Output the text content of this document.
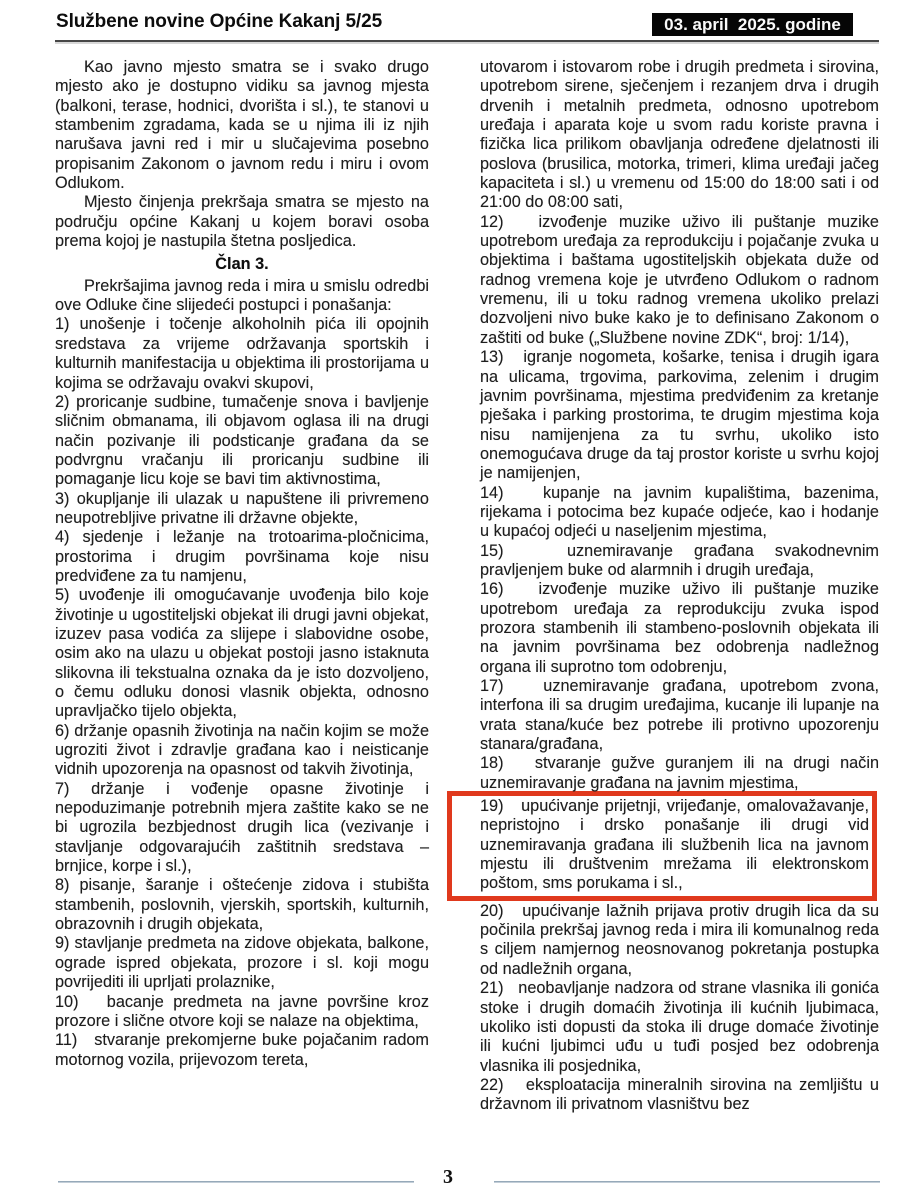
Službene novine Općine Kakanj 5/25	03. april  2025. godine

Kao javno mjesto smatra se i svako drugo mjesto ako je dostupno vidiku sa javnog mjesta (balkoni, terase, hodnici, dvorišta i sl.), te stanovi u stambenim zgradama, kada se u njima ili iz njih narušava javni red i mir u slučajevima posebno propisanim Zakonom o javnom redu i miru i ovom Odlukom.

Mjesto činjenja prekršaja smatra se mjesto na području općine Kakanj u kojem boravi osoba prema kojoj je nastupila štetna posljedica.

Član 3.

Prekršajima javnog reda i mira u smislu odredbi ove Odluke čine slijedeći postupci i ponašanja:

1) unošenje i točenje alkoholnih pića ili opojnih sredstava za vrijeme održavanja sportskih i kulturnih manifestacija u objektima ili prostorijama u kojima se održavaju ovakvi skupovi,

2) proricanje sudbine, tumačenje snova i bavljenje sličnim obmanama, ili objavom oglasa ili na drugi način pozivanje ili podsticanje građana da se podvrgnu vračanju ili proricanju sudbine ili pomaganje licu koje se bavi tim aktivnostima,

3) okupljanje ili ulazak u napuštene ili privremeno neupotrebljive privatne ili državne objekte,

4) sjedenje i ležanje na trotoarima-pločnicima, prostorima i drugim površinama koje nisu predviđene za tu namjenu,

5) uvođenje ili omogućavanje uvođenja bilo koje životinje u ugostiteljski objekat ili drugi javni objekat, izuzev pasa vodića za slijepe i slabovidne osobe, osim ako na ulazu u objekat postoji jasno istaknuta slikovna ili tekstualna oznaka da je isto dozvoljeno, o čemu odluku donosi vlasnik objekta, odnosno upravljačko tijelo objekta,

6) držanje opasnih životinja na način kojim se može ugroziti život i zdravlje građana kao i neisticanje vidnih upozorenja na opasnost od takvih životinja,

7) držanje i vođenje opasne životinje i nepoduzimanje potrebnih mjera zaštite kako se ne bi ugrozila bezbjednost drugih lica (vezivanje i stavljanje odgovarajućih zaštitnih sredstava – brnjice, korpe i sl.),

8) pisanje, šaranje i oštećenje zidova i stubišta stambenih, poslovnih, vjerskih, sportskih, kulturnih, obrazovnih i drugih objekata,

9) stavljanje predmeta na zidove objekata, balkone, ograde ispred objekata, prozore i sl. koji mogu povrijediti ili uprljati prolaznike,

10)   bacanje predmeta na javne površine kroz prozore i slične otvore koji se nalaze na objektima,

11)   stvaranje prekomjerne buke pojačanim radom motornog vozila, prijevozom tereta,

utovarom i istovarom robe i drugih predmeta i sirovina, upotrebom sirene, sječenjem i rezanjem drva i drugih drvenih i metalnih predmeta, odnosno upotrebom uređaja i aparata koje u svom radu koriste pravna i fizička lica prilikom obavljanja određene djelatnosti ili poslova (brusilica, motorka, trimeri, klima uređaji jačeg kapaciteta i sl.) u vremenu od 15:00 do 18:00 sati i od 21:00 do 08:00 sati,

12)   izvođenje muzike uživo ili puštanje muzike upotrebom uređaja za reprodukciju i pojačanje zvuka u objektima i baštama ugostiteljskih objekata duže od radnog vremena koje je utvrđeno Odlukom o radnom vremenu, ili u toku radnog vremena ukoliko prelazi dozvoljeni nivo buke kako je to definisano Zakonom o zaštiti od buke („Službene novine ZDK“, broj: 1/14),

13)   igranje nogometa, košarke, tenisa i drugih igara na ulicama, trgovima, parkovima, zelenim i drugim javnim površinama, mjestima predviđenim za kretanje pješaka i parking prostorima, te drugim mjestima koja nisu namijenjena za tu svrhu, ukoliko isto onemogućava druge da taj prostor koriste u svrhu kojoj je namijenjen,

14)   kupanje na javnim kupalištima, bazenima, rijekama i potocima bez kupaće odjeće, kao i hodanje u kupaćoj odjeći u naseljenim mjestima,

15)   uznemiravanje građana svakodnevnim pravljenjem buke od alarmnih i drugih uređaja,

16)   izvođenje muzike uživo ili puštanje muzike upotrebom uređaja za reprodukciju zvuka ispod prozora stambenih ili stambeno-poslovnih objekata ili na javnim površinama bez odobrenja nadležnog organa ili suprotno tom odobrenju,

17)   uznemiravanje građana, upotrebom zvona, interfona ili sa drugim uređajima, kucanje ili lupanje na vrata stana/kuće bez potrebe ili protivno upozorenju stanara/građana,

18)   stvaranje gužve guranjem ili na drugi način uznemiravanje građana na javnim mjestima,

19)   upućivanje prijetnji, vrijeđanje, omalovažavanje, nepristojno i drsko ponašanje ili drugi vid uznemiravanja građana ili službenih lica na javnom mjestu ili društvenim mrežama ili elektronskom poštom, sms porukama i sl.,

20)   upućivanje lažnih prijava protiv drugih lica da su počinila prekršaj javnog reda i mira ili komunalnog reda s ciljem namjernog neosnovanog pokretanja postupka od nadležnih organa,

21)   neobavljanje nadzora od strane vlasnika ili gonića stoke i drugih domaćih životinja ili kućnih ljubimaca, ukoliko isti dopusti da stoka ili druge domaće životinje ili kućni ljubimci uđu u tuđi posjed bez odobrenja vlasnika ili posjednika,

22)   eksploatacija mineralnih sirovina na zemljištu u državnom ili privatnom vlasništvu bez

3
